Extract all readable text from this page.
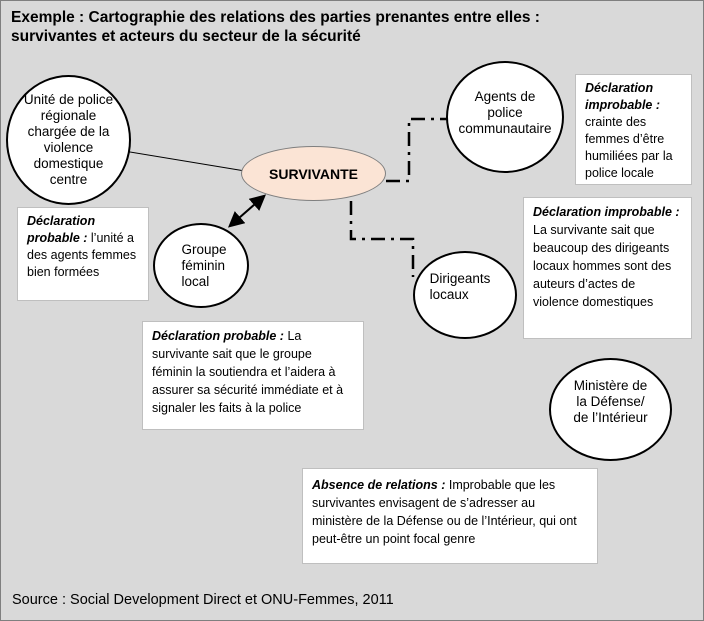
Exemple : Cartographie des relations des parties prenantes entre elles :
survivantes et acteurs du secteur de la sécurité
Unité de police
régionale
chargée de la
violence
domestique
centre	SURVIVANTE
Agents de
police
communautaire
Groupe
féminin
local	Dirigeants
locaux
Ministère de
la Défense/
de l’Intérieur
Déclaration probable : l’unité a des agents femmes bien formées
Déclaration improbable : crainte des femmes d’être humiliées par la police locale
Déclaration improbable : La survivante sait que beaucoup des dirigeants locaux hommes sont des auteurs d’actes de violence domestiques
Déclaration probable : La survivante sait que le groupe féminin la soutiendra et l’aidera à assurer sa sécurité immédiate et à signaler les faits à la police
Absence de relations : Improbable que les survivantes envisagent de s’adresser au ministère de la Défense ou de l’Intérieur, qui ont peut-être un point focal genre
Source : Social Development Direct et ONU-Femmes, 2011
